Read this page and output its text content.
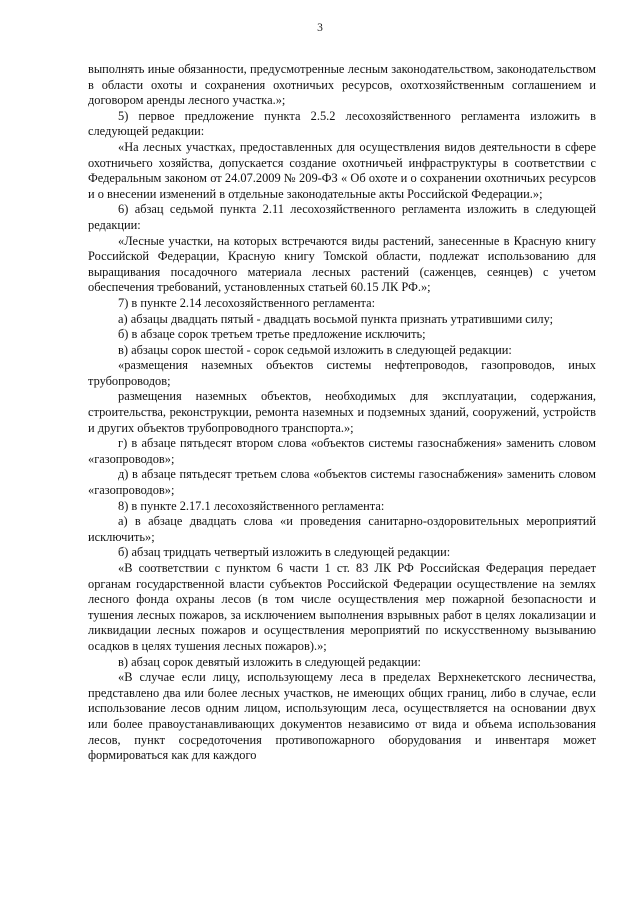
3

выполнять иные обязанности, предусмотренные лесным законодательством, законодательством в области охоты и сохранения охотничьих ресурсов, охотхозяйственным соглашением и договором аренды лесного участка.»;

5) первое предложение пункта 2.5.2 лесохозяйственного регламента изложить в следующей редакции:

«На лесных участках, предоставленных для осуществления видов деятельности в сфере охотничьего хозяйства, допускается создание охотничьей инфраструктуры в соответствии с Федеральным законом от 24.07.2009 № 209-ФЗ « Об охоте и о сохранении охотничьих ресурсов и о внесении изменений в отдельные законодательные акты Российской Федерации.»;

6) абзац седьмой пункта 2.11 лесохозяйственного регламента изложить в следующей редакции:

«Лесные участки, на которых встречаются виды растений, занесенные в Красную книгу Российской Федерации, Красную книгу Томской области, подлежат использованию для выращивания посадочного материала лесных растений (саженцев, сеянцев) с учетом обеспечения требований, установленных статьей 60.15 ЛК РФ.»;

7) в пункте 2.14 лесохозяйственного регламента:

а) абзацы двадцать пятый - двадцать восьмой пункта признать утратившими силу;

б) в абзаце сорок третьем третье предложение исключить;

в) абзацы сорок шестой - сорок седьмой изложить в следующей редакции:

«размещения наземных объектов системы нефтепроводов, газопроводов, иных трубопроводов;

размещения наземных объектов, необходимых для эксплуатации, содержания, строительства, реконструкции, ремонта наземных и подземных зданий, сооружений, устройств и других объектов трубопроводного транспорта.»;

г) в абзаце пятьдесят втором слова «объектов системы газоснабжения» заменить словом «газопроводов»;

д) в абзаце пятьдесят третьем слова «объектов системы газоснабжения» заменить словом «газопроводов»;

8) в пункте 2.17.1 лесохозяйственного регламента:

а) в абзаце двадцать слова «и проведения санитарно-оздоровительных мероприятий исключить»;

б) абзац тридцать четвертый изложить в следующей редакции:

«В соответствии с пунктом 6 части 1 ст. 83 ЛК РФ Российская Федерация передает органам государственной власти субъектов Российской Федерации осуществление на землях лесного фонда охраны лесов (в том числе осуществления мер пожарной безопасности и тушения лесных пожаров, за исключением выполнения взрывных работ в целях локализации и ликвидации лесных пожаров и осуществления мероприятий по искусственному вызыванию осадков в целях тушения лесных пожаров).»;

в) абзац сорок девятый изложить в следующей редакции:

«В случае если лицу, использующему леса в пределах Верхнекетского лесничества, представлено два или более лесных участков, не имеющих общих границ, либо в случае, если использование лесов одним лицом, использующим леса, осуществляется на основании двух или более правоустанавливающих документов независимо от вида и объема использования лесов, пункт сосредоточения противопожарного оборудования и инвентаря может формироваться как для каждого
